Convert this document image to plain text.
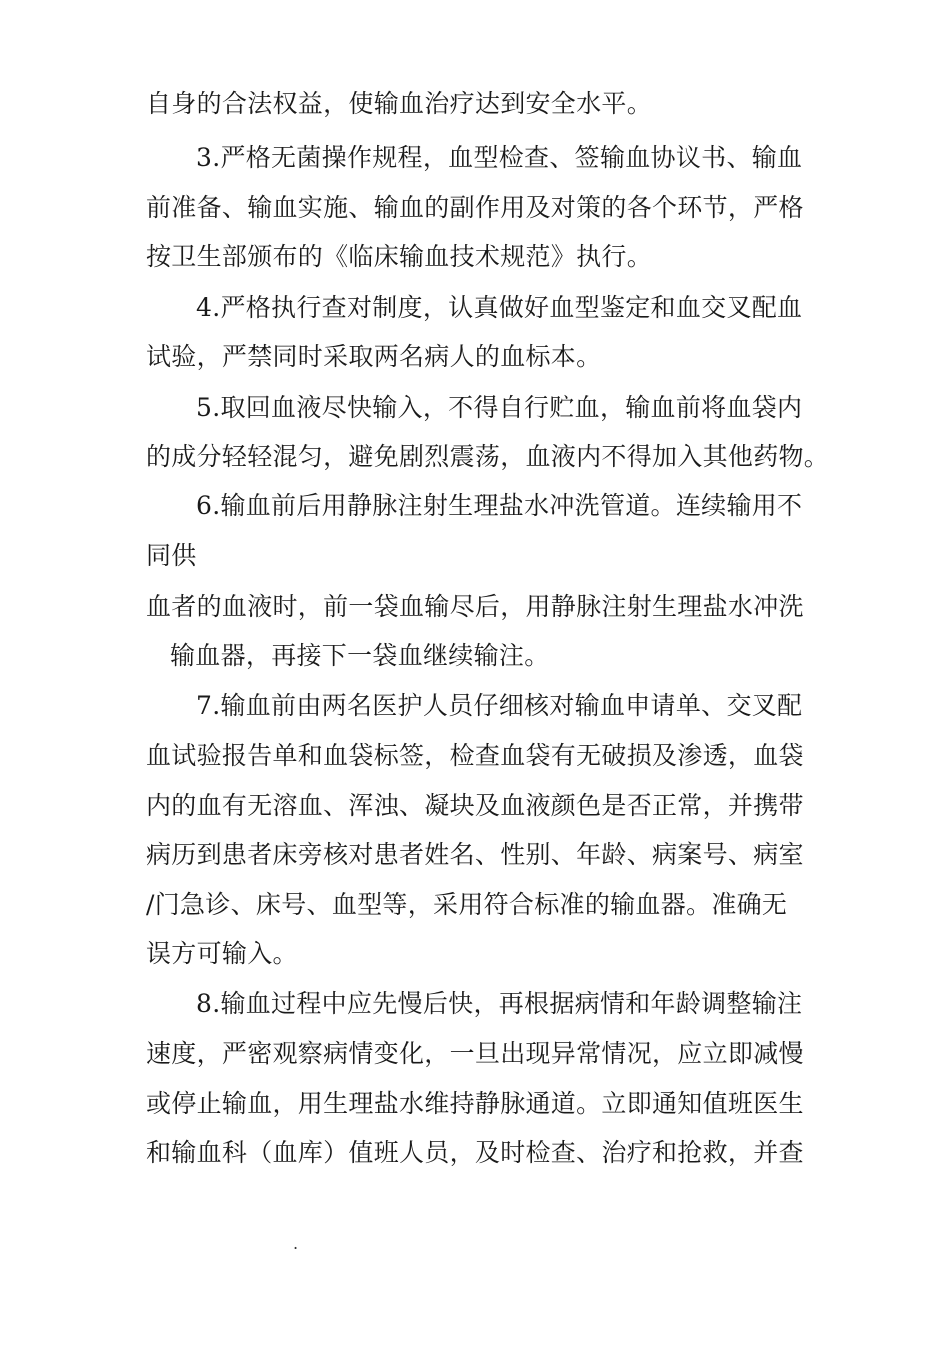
自身的合法权益，使输血治疗达到安全水平。
3.严格无菌操作规程，血型检查、签输血协议书、输血
前准备、输血实施、输血的副作用及对策的各个环节，严格
按卫生部颁布的《临床输血技术规范》执行。
4.严格执行查对制度，认真做好血型鉴定和血交叉配血
试验，严禁同时采取两名病人的血标本。
5.取回血液尽快输入，不得自行贮血，输血前将血袋内
的成分轻轻混匀，避免剧烈震荡，血液内不得加入其他药物。
6.输血前后用静脉注射生理盐水冲洗管道。连续输用不
同供
血者的血液时，前一袋血输尽后，用静脉注射生理盐水冲洗
输血器，再接下一袋血继续输注。
7.输血前由两名医护人员仔细核对输血申请单、交叉配
血试验报告单和血袋标签，检查血袋有无破损及渗透，血袋
内的血有无溶血、浑浊、凝块及血液颜色是否正常，并携带
病历到患者床旁核对患者姓名、性别、年龄、病案号、病室
/门急诊、床号、血型等，采用符合标准的输血器。准确无
误方可输入。
8.输血过程中应先慢后快，再根据病情和年龄调整输注
速度，严密观察病情变化，一旦出现异常情况，应立即减慢
或停止输血，用生理盐水维持静脉通道。立即通知值班医生
和输血科（血库）值班人员，及时检查、治疗和抢救，并查
.
